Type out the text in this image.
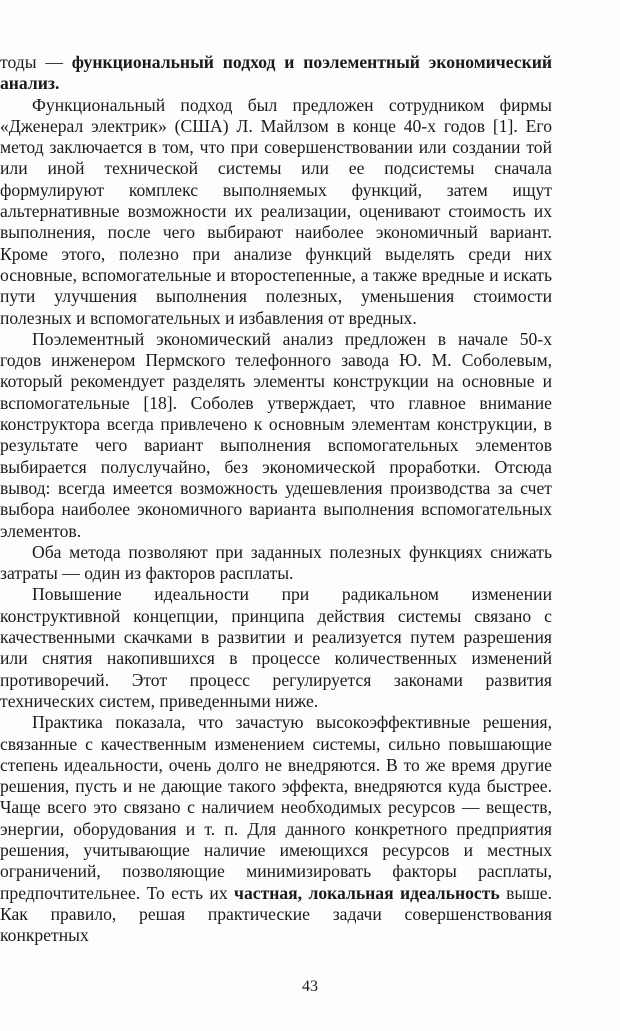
тоды — функциональный подход и поэлементный экономический анализ.

Функциональный подход был предложен сотрудником фирмы «Дженерал электрик» (США) Л. Майлзом в конце 40-х годов [1]. Его метод заключается в том, что при совершенствовании или создании той или иной технической системы или ее подсистемы сначала формулируют комплекс выполняемых функций, затем ищут альтернативные возможности их реализации, оценивают стоимость их выполнения, после чего выбирают наиболее экономичный вариант. Кроме этого, полезно при анализе функций выделять среди них основные, вспомогательные и второстепенные, а также вредные и искать пути улучшения выполнения полезных, уменьшения стоимости полезных и вспомогательных и избавления от вредных.

Поэлементный экономический анализ предложен в начале 50-х годов инженером Пермского телефонного завода Ю. М. Соболевым, который рекомендует разделять элементы конструкции на основные и вспомогательные [18]. Соболев утверждает, что главное внимание конструктора всегда привлечено к основным элементам конструкции, в результате чего вариант выполнения вспомогательных элементов выбирается полуслучайно, без экономической проработки. Отсюда вывод: всегда имеется возможность удешевления производства за счет выбора наиболее экономичного варианта выполнения вспомогательных элементов.

Оба метода позволяют при заданных полезных функциях снижать затраты — один из факторов расплаты.

Повышение идеальности при радикальном изменении конструктивной концепции, принципа действия системы связано с качественными скачками в развитии и реализуется путем разрешения или снятия накопившихся в процессе количественных изменений противоречий. Этот процесс регулируется законами развития технических систем, приведенными ниже.

Практика показала, что зачастую высокоэффективные решения, связанные с качественным изменением системы, сильно повышающие степень идеальности, очень долго не внедряются. В то же время другие решения, пусть и не дающие такого эффекта, внедряются куда быстрее. Чаще всего это связано с наличием необходимых ресурсов — веществ, энергии, оборудования и т. п. Для данного конкретного предприятия решения, учитывающие наличие имеющихся ресурсов и местных ограничений, позволяющие минимизировать факторы расплаты, предпочтительнее. То есть их частная, локальная идеальность выше. Как правило, решая практические задачи совершенствования конкретных

43
